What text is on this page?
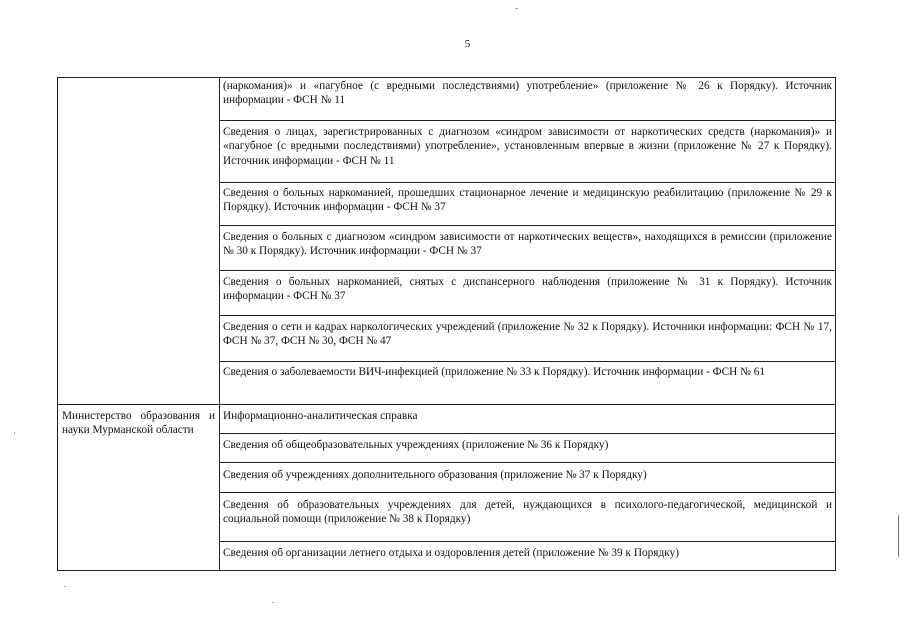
5
	(наркомания)» и «пагубное (с вредными последствиями) употребление» (приложение № 26 к Порядку). Источник информации - ФСН № 11
	Сведения о лицах, зарегистрированных с диагнозом «синдром зависимости от наркотических средств (наркомания)» и «пагубное (с вредными последствиями) употребление», установленным впервые в жизни (приложение № 27 к Порядку). Источник информации - ФСН № 11
	Сведения о больных наркоманией, прошедших стационарное лечение и медицинскую реабилитацию (приложение № 29 к Порядку). Источник информации - ФСН № 37
	Сведения о больных с диагнозом «синдром зависимости от наркотических веществ», находящихся в ремиссии (приложение № 30 к Порядку). Источник информации - ФСН № 37
	Сведения о больных наркоманией, снятых с диспансерного наблюдения (приложение № 31 к Порядку). Источник информации - ФСН № 37
	Сведения о сети и кадрах наркологических учреждений (приложение № 32 к Порядку). Источники информации: ФСН № 17, ФСН № 37, ФСН № 30, ФСН № 47
	Сведения о заболеваемости ВИЧ-инфекцией (приложение № 33 к Порядку). Источник информации - ФСН № 61
Министерство образования и науки Мурманской области	Информационно-аналитическая справка
	Сведения об общеобразовательных учреждениях (приложение № 36 к Порядку)
	Сведения об учреждениях дополнительного образования (приложение № 37 к Порядку)
	Сведения об образовательных учреждениях для детей, нуждающихся в психолого-педагогической, медицинской и социальной помощи (приложение № 38 к Порядку)
	Сведения об организации летнего отдыха и оздоровления детей (приложение № 39 к Порядку)
